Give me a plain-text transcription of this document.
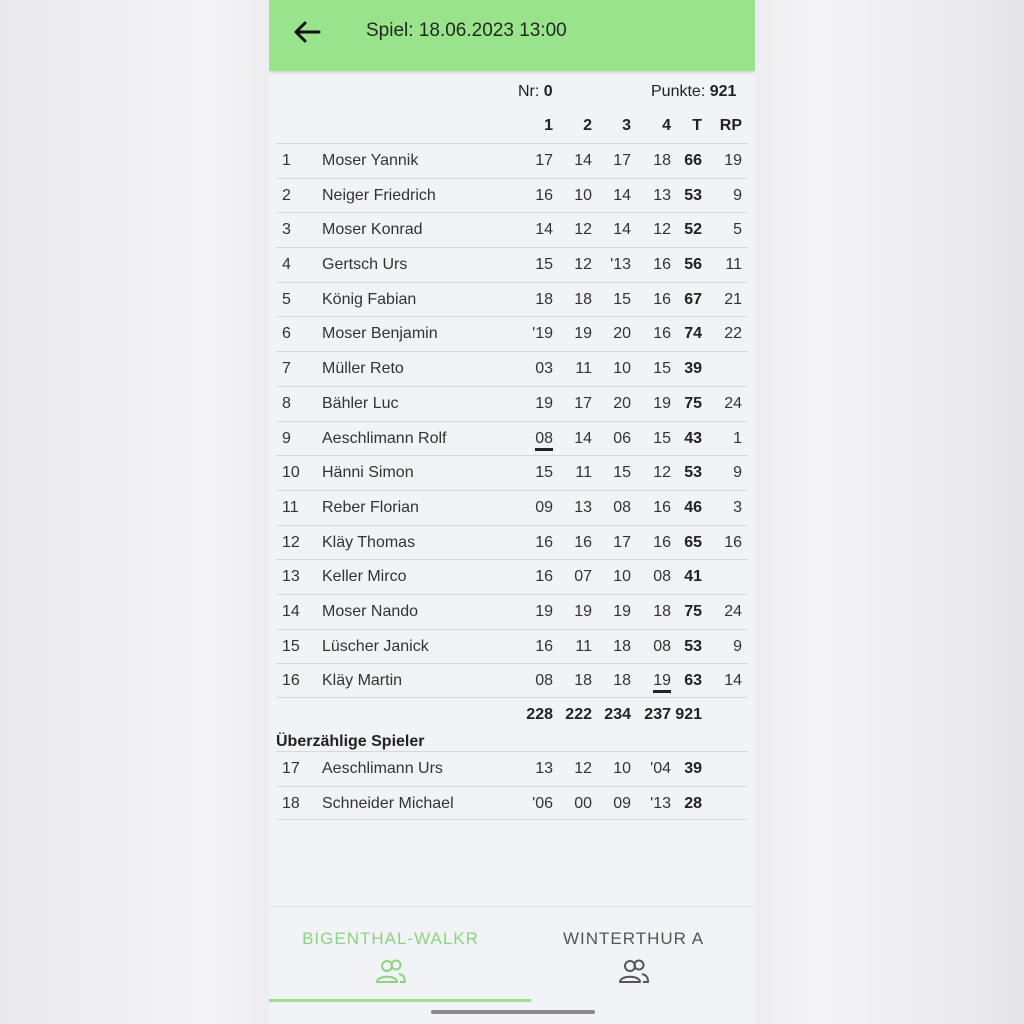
Spiel: 18.06.2023 13:00
Nr: 0	Punkte: 921
1	2	3	4	T	RP
1 Moser Yannik	17	14	17	18 66	19
2 Neiger Friedrich	16	10	14	13 53	9
3 Moser Konrad	14	12	14	12 52	5
4 Gertsch Urs	15	12	'13	16 56	11
5 König Fabian	18	18	15	16 67	21
6 Moser Benjamin	'19	19	20	16 74	22
7 Müller Reto	03	11	10	15 39
8 Bähler Luc	19	17	20	19 75	24
9 Aeschlimann Rolf	08	14	06	15 43	1
10 Hänni Simon	15	11	15	12 53	9
11 Reber Florian	09	13	08	16 46	3
12 Kläy Thomas	16	16	17	16 65	16
13 Keller Mirco	16	07	10	08 41
14 Moser Nando	19	19	19	18 75	24
15 Lüscher Janick	16	11	18	08 53	9
16 Kläy Martin	08	18	18	19 63	14
228 222 234 237 921
Überzählige Spieler
17 Aeschlimann Urs	13	12	10	'04 39
18 Schneider Michael	'06	00	09	'13 28
BIGENTHAL-WALKR	WINTERTHUR A
